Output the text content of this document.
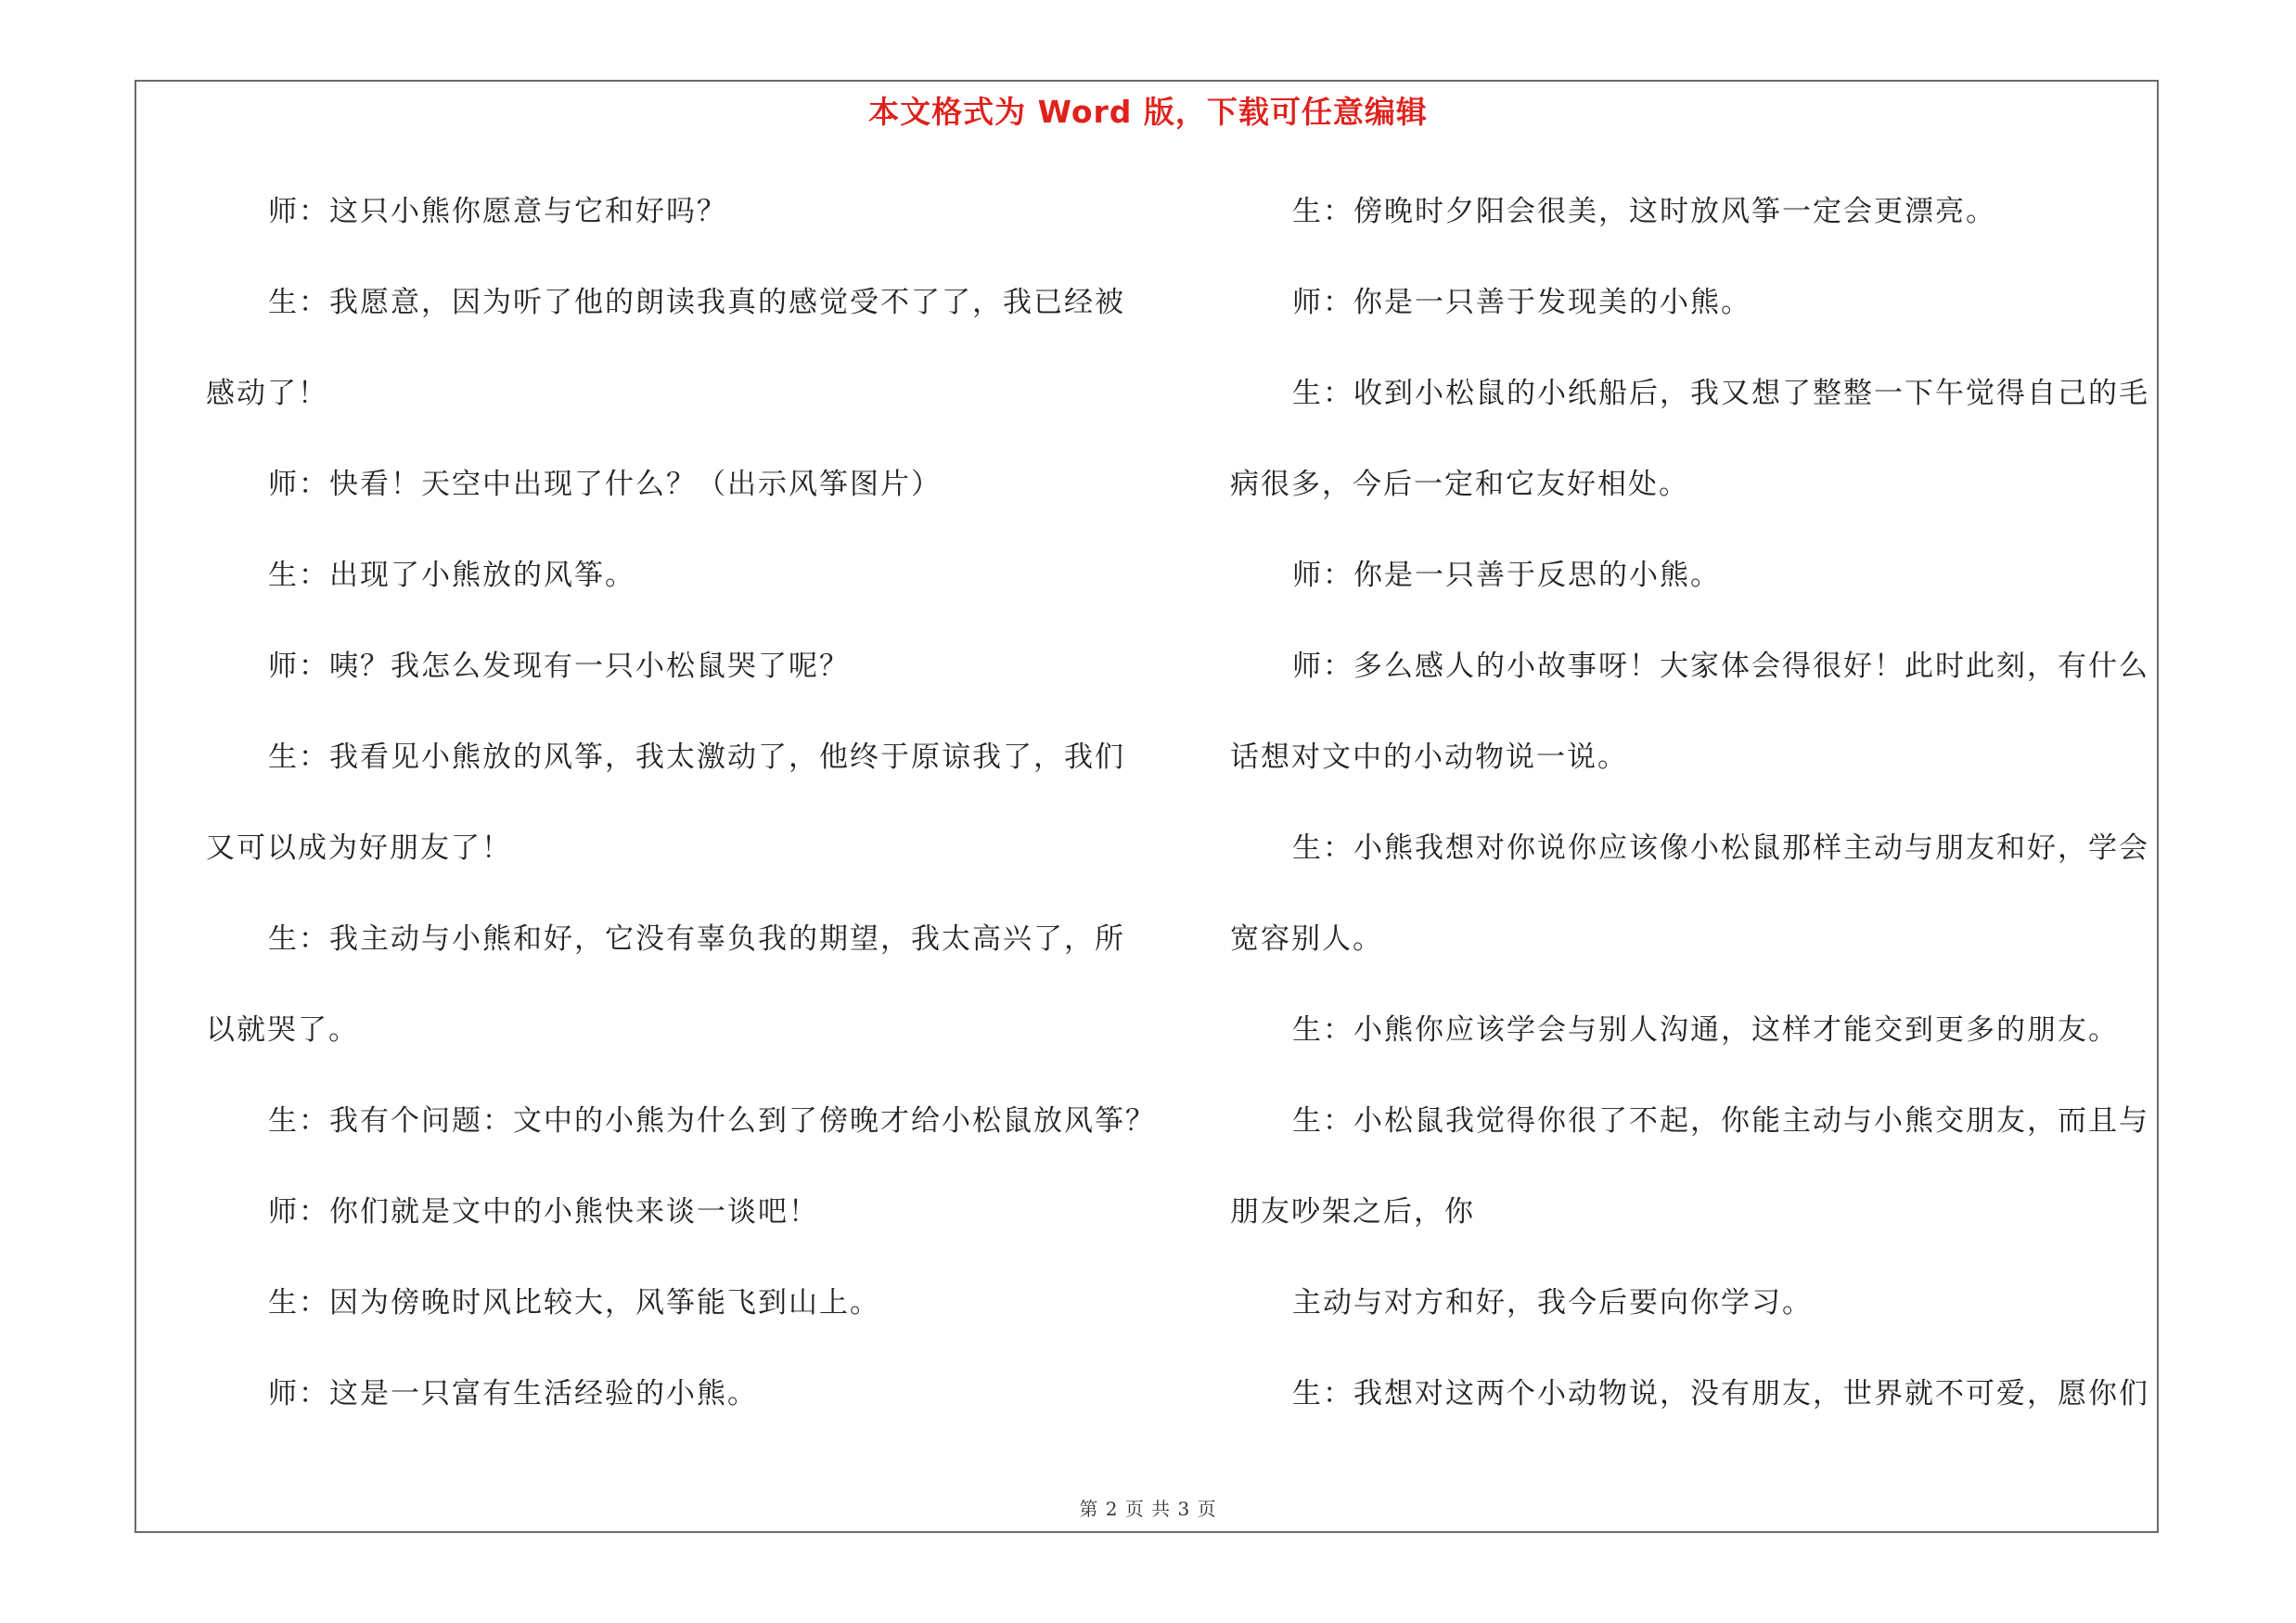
本文格式为 Word 版，下载可任意编辑
师：这只小熊你愿意与它和好吗？
生：我愿意，因为听了他的朗读我真的感觉受不了了，我已经被
感动了！
师：快看！天空中出现了什么？（出示风筝图片）
生：出现了小熊放的风筝。
师：咦？我怎么发现有一只小松鼠哭了呢？
生：我看见小熊放的风筝，我太激动了，他终于原谅我了，我们
又可以成为好朋友了！
生：我主动与小熊和好，它没有辜负我的期望，我太高兴了，所
以就哭了。
生：我有个问题：文中的小熊为什么到了傍晚才给小松鼠放风筝？
师：你们就是文中的小熊快来谈一谈吧！
生：因为傍晚时风比较大，风筝能飞到山上。
师：这是一只富有生活经验的小熊。
生：傍晚时夕阳会很美，这时放风筝一定会更漂亮。
师：你是一只善于发现美的小熊。
生：收到小松鼠的小纸船后，我又想了整整一下午觉得自己的毛
病很多，今后一定和它友好相处。
师：你是一只善于反思的小熊。
师：多么感人的小故事呀！大家体会得很好！此时此刻，有什么
话想对文中的小动物说一说。
生：小熊我想对你说你应该像小松鼠那样主动与朋友和好，学会
宽容别人。
生：小熊你应该学会与别人沟通，这样才能交到更多的朋友。
生：小松鼠我觉得你很了不起，你能主动与小熊交朋友，而且与
朋友吵架之后，你
主动与对方和好，我今后要向你学习。
生：我想对这两个小动物说，没有朋友，世界就不可爱，愿你们
第 2 页 共 3 页
